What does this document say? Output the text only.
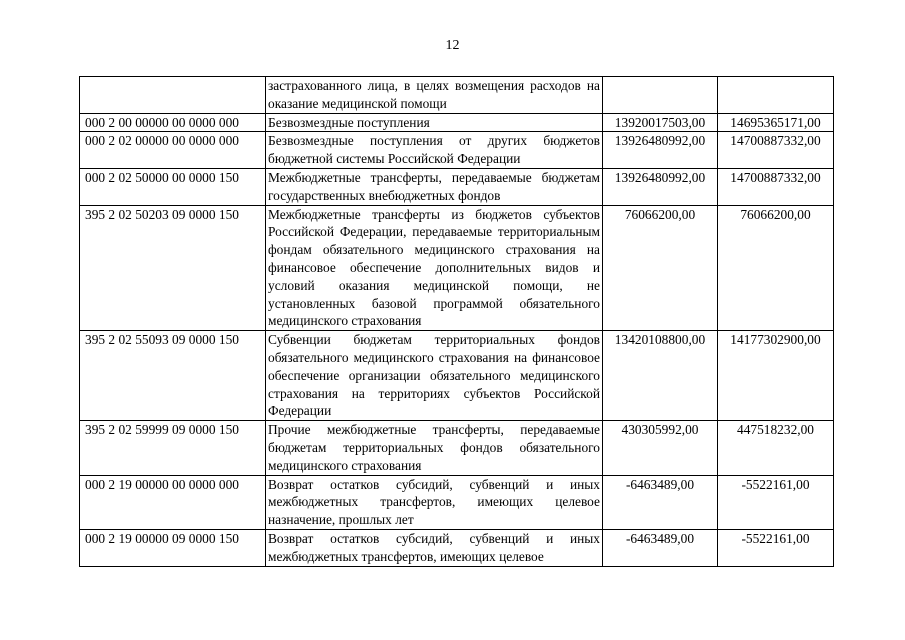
12
	застрахованного лица, в целях возмещения расходов на оказание медицинской помощи		
000 2 00 00000 00 0000 000	Безвозмездные поступления	13920017503,00	14695365171,00
000 2 02 00000 00 0000 000	Безвозмездные поступления от других бюджетов бюджетной системы Российской Федерации	13926480992,00	14700887332,00
000 2 02 50000 00 0000 150	Межбюджетные трансферты, передаваемые бюджетам государственных внебюджетных фондов	13926480992,00	14700887332,00
395 2 02 50203 09 0000 150	Межбюджетные трансферты из бюджетов субъектов Российской Федерации, передаваемые территориальным фондам обязательного медицинского страхования на финансовое обеспечение дополнительных видов и условий оказания медицинской помощи, не установленных базовой программой обязательного медицинского страхования	76066200,00	76066200,00
395 2 02 55093 09 0000 150	Субвенции бюджетам территориальных фондов обязательного медицинского страхования на финансовое обеспечение организации обязательного медицинского страхования на территориях субъектов Российской Федерации	13420108800,00	14177302900,00
395 2 02 59999 09 0000 150	Прочие межбюджетные трансферты, передаваемые бюджетам территориальных фондов обязательного медицинского страхования	430305992,00	447518232,00
000 2 19 00000 00 0000 000	Возврат остатков субсидий, субвенций и иных межбюджетных трансфертов, имеющих целевое назначение, прошлых лет	-6463489,00	-5522161,00
000 2 19 00000 09 0000 150	Возврат остатков субсидий, субвенций и иных межбюджетных трансфертов, имеющих целевое	-6463489,00	-5522161,00
